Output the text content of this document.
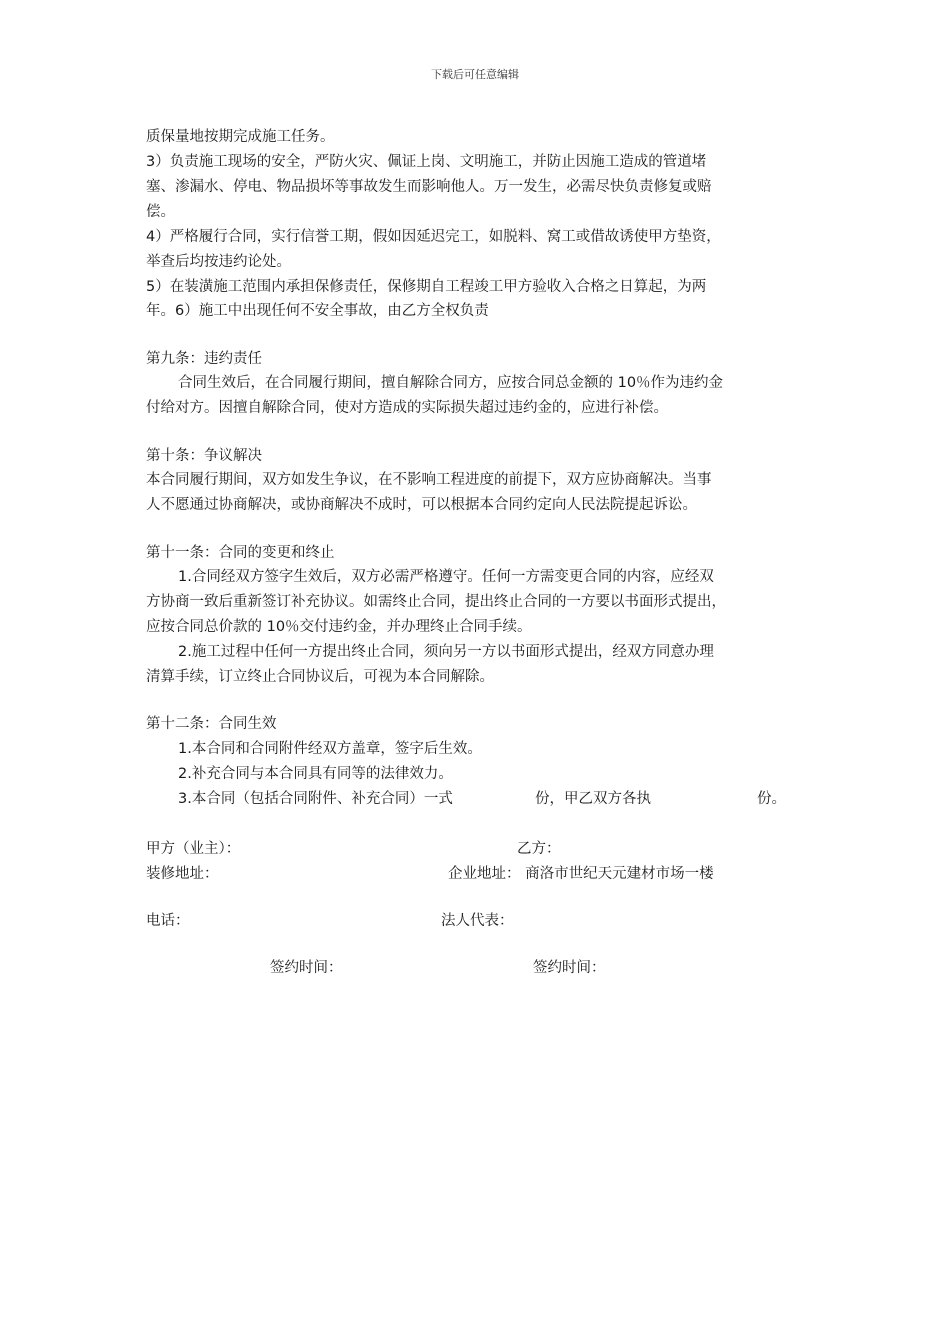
下载后可任意编辑
质保量地按期完成施工任务。
3）负责施工现场的安全，严防火灾、佩证上岗、文明施工，并防止因施工造成的管道堵
塞、渗漏水、停电、物品损坏等事故发生而影响他人。万一发生，必需尽快负责修复或赔
偿。
4）严格履行合同，实行信誉工期，假如因延迟完工，如脱料、窝工或借故诱使甲方垫资，
举查后均按违约论处。
5）在装潢施工范围内承担保修责任，保修期自工程竣工甲方验收入合格之日算起，为两
年。6）施工中出现任何不安全事故，由乙方全权负责
第九条：违约责任
合同生效后，在合同履行期间，擅自解除合同方，应按合同总金额的 10％作为违约金
付给对方。因擅自解除合同，使对方造成的实际损失超过违约金的，应进行补偿。
第十条：争议解决
本合同履行期间，双方如发生争议，在不影响工程进度的前提下，双方应协商解决。当事
人不愿通过协商解决，或协商解决不成时，可以根据本合同约定向人民法院提起诉讼。
第十一条：合同的变更和终止
1.合同经双方签字生效后，双方必需严格遵守。任何一方需变更合同的内容，应经双
方协商一致后重新签订补充协议。如需终止合同，提出终止合同的一方要以书面形式提出，
应按合同总价款的 10％交付违约金，并办理终止合同手续。
2.施工过程中任何一方提出终止合同，须向另一方以书面形式提出，经双方同意办理
清算手续，订立终止合同协议后，可视为本合同解除。
第十二条：合同生效
1.本合同和合同附件经双方盖章，签字后生效。
2.补充合同与本合同具有同等的法律效力。
3.本合同（包括合同附件、补充合同）一式	份，甲乙双方各执	份。
甲方（业主）：	乙方：
装修地址：	企业地址： 商洛市世纪天元建材市场一楼
电话：	法人代表：
签约时间：	签约时间：
